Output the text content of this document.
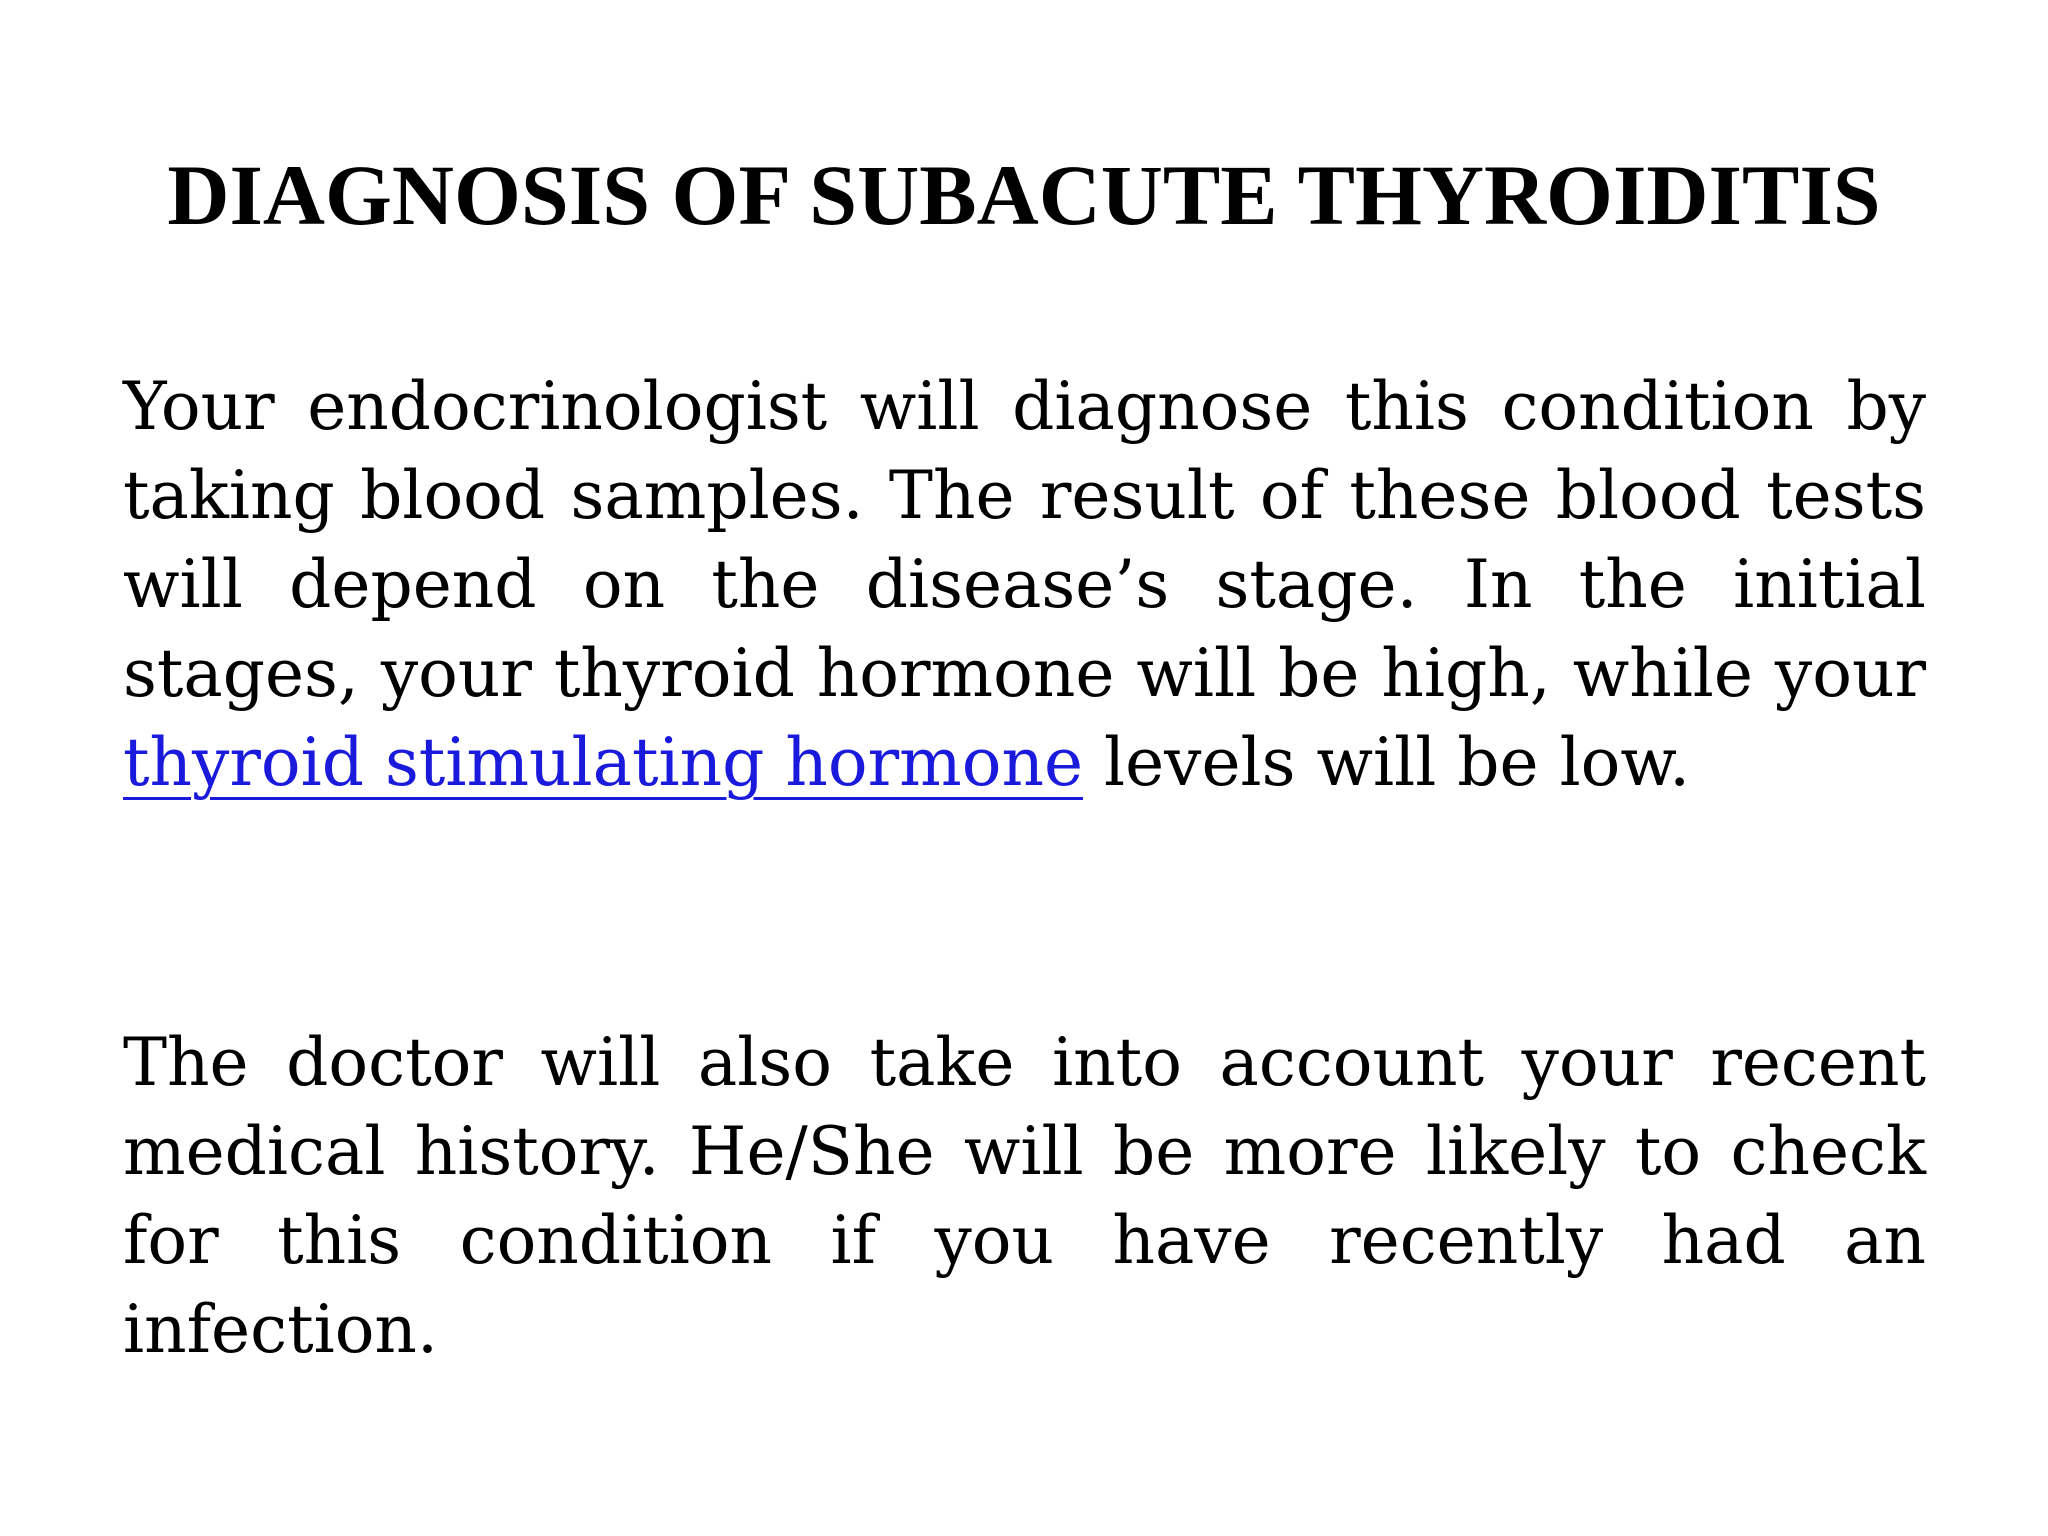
DIAGNOSIS OF SUBACUTE THYROIDITIS

Your endocrinologist will diagnose this condition by taking blood samples. The result of these blood tests will depend on the disease’s stage. In the initial stages, your thyroid hormone will be high, while your thyroid stimulating hormone levels will be low.

The doctor will also take into account your recent medical history. He/She will be more likely to check for this condition if you have recently had an infection.
